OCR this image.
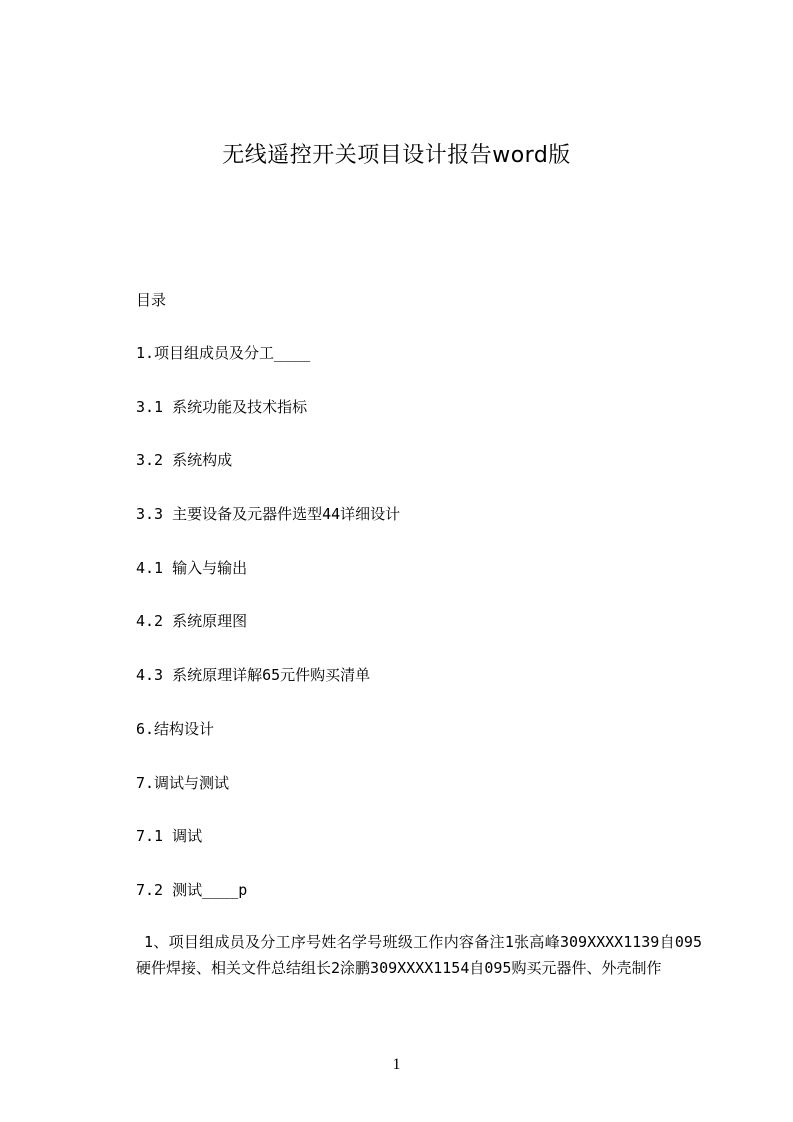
无线遥控开关项目设计报告word版
目录
1.项目组成员及分工____
3.1 系统功能及技术指标
3.2 系统构成
3.3 主要设备及元器件选型44详细设计
4.1 输入与输出
4.2 系统原理图
4.3 系统原理详解65元件购买清单
6.结构设计
7.调试与测试
7.1 调试
7.2 测试____p

1、项目组成员及分工序号姓名学号班级工作内容备注1张高峰309XXXX1139自095硬件焊接、相关文件总结组长2涂鹏309XXXX1154自095购买元器件、外壳制作

1
